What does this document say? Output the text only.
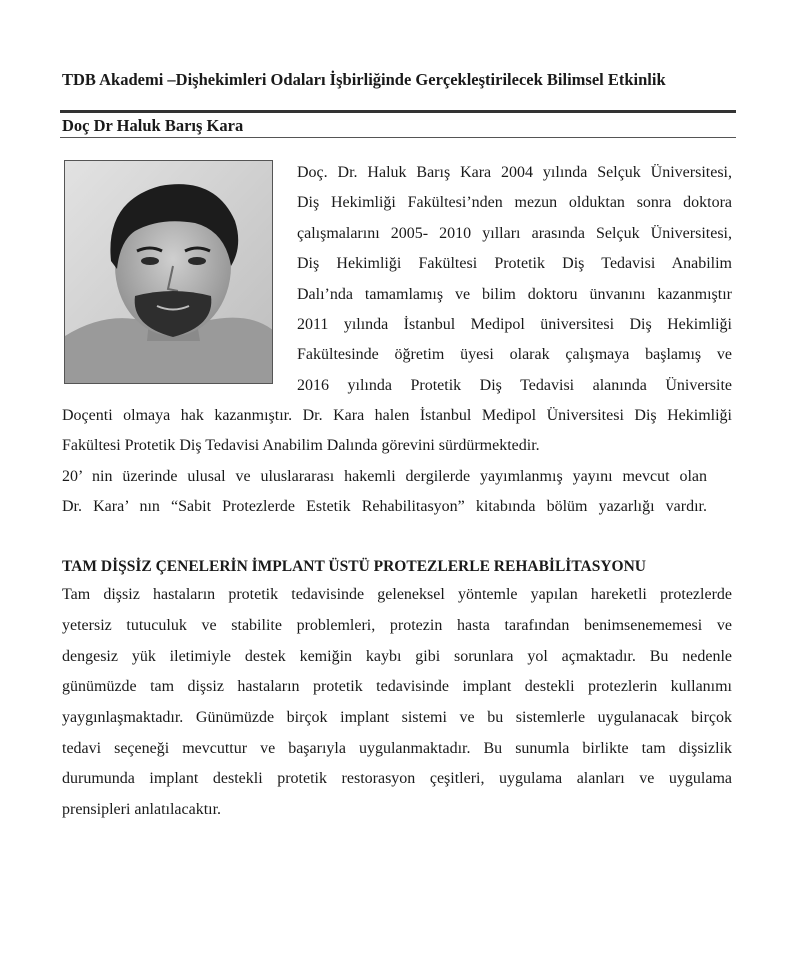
TDB Akademi –Dişhekimleri Odaları İşbirliğinde Gerçekleştirilecek Bilimsel Etkinlik
Doç Dr Haluk Barış Kara
Doç. Dr. Haluk Barış Kara 2004 yılında Selçuk Üniversitesi,
Diş Hekimliği Fakültesi’nden mezun olduktan sonra doktora
çalışmalarını 2005- 2010 yılları arasında Selçuk Üniversitesi,
Diş Hekimliği Fakültesi Protetik Diş Tedavisi Anabilim
Dalı’nda tamamlamış ve bilim doktoru ünvanını kazanmıştır
2011 yılında İstanbul Medipol üniversitesi Diş Hekimliği
Fakültesinde öğretim üyesi olarak çalışmaya başlamış ve
2016 yılında Protetik Diş Tedavisi alanında Üniversite
Doçenti olmaya hak kazanmıştır. Dr. Kara halen İstanbul Medipol Üniversitesi Diş Hekimliği
Fakültesi Protetik Diş Tedavisi Anabilim Dalında görevini sürdürmektedir.
20’ nin üzerinde ulusal ve uluslararası hakemli dergilerde yayımlanmış yayını mevcut olan
Dr. Kara’ nın “Sabit Protezlerde Estetik Rehabilitasyon” kitabında bölüm yazarlığı vardır.
TAM DİŞSİZ ÇENELERİN İMPLANT ÜSTÜ PROTEZLERLE REHABİLİTASYONU
Tam dişsiz hastaların protetik tedavisinde geleneksel yöntemle yapılan hareketli protezlerde
yetersiz tutuculuk ve stabilite problemleri, protezin hasta tarafından benimsenememesi ve
dengesiz yük iletimiyle destek kemiğin kaybı gibi sorunlara yol açmaktadır. Bu nedenle
günümüzde tam dişsiz hastaların protetik tedavisinde implant destekli protezlerin kullanımı
yaygınlaşmaktadır. Günümüzde birçok implant sistemi ve bu sistemlerle uygulanacak birçok
tedavi seçeneği mevcuttur ve başarıyla uygulanmaktadır. Bu sunumla birlikte tam dişsizlik
durumunda implant destekli protetik restorasyon çeşitleri, uygulama alanları ve uygulama
prensipleri anlatılacaktır.
